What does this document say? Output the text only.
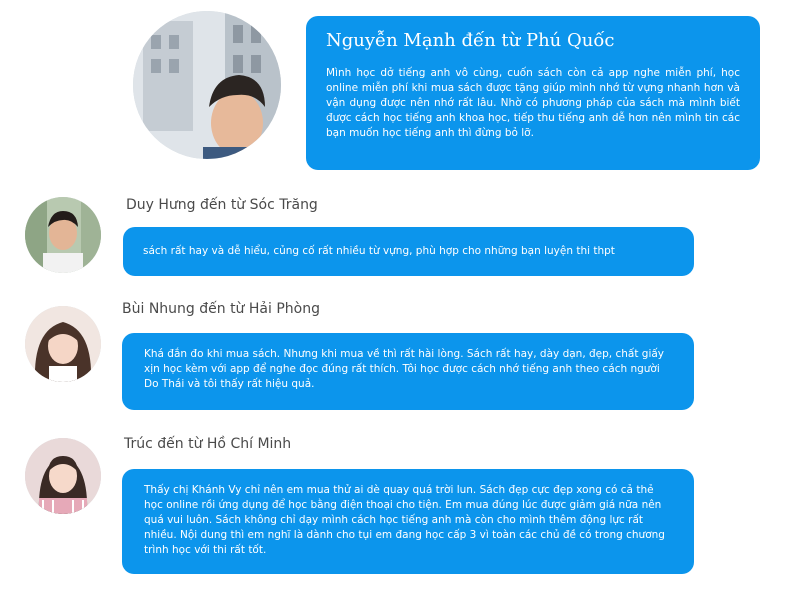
Nguyễn Mạnh đến từ Phú Quốc

Mình học dở tiếng anh vô cùng, cuốn sách còn cả app nghe miễn phí, học online miễn phí khi mua sách được tặng giúp mình nhớ từ vựng nhanh hơn và vận dụng được nên nhớ rất lâu. Nhờ có phương pháp của sách mà mình biết được cách học tiếng anh khoa học, tiếp thu tiếng anh dễ hơn nên mình tin các bạn muốn học tiếng anh thì đừng bỏ lỡ.

Duy Hưng đến từ Sóc Trăng

sách rất hay và dễ hiểu, củng cố rất nhiều từ vựng, phù hợp cho những bạn luyện thi thpt

Bùi Nhung đến từ Hải Phòng

Khá đắn đo khi mua sách. Nhưng khi mua về thì rất hài lòng. Sách rất hay, dày dạn, đẹp, chất giấy xịn học kèm với app để nghe đọc đúng rất thích. Tôi học được cách nhớ tiếng anh theo cách người Do Thái và tôi thấy rất hiệu quả.

Trúc đến từ Hồ Chí Minh

Thấy chị Khánh Vy chỉ nên em mua thử ai dè quay quá trời lun. Sách đẹp cực đẹp xong có cả thẻ học online rồi ứng dụng để học bằng điện thoại cho tiện. Em mua đúng lúc được giảm giá nữa nên quá vui luôn. Sách không chỉ dạy mình cách học tiếng anh mà còn cho mình thêm động lực rất nhiều. Nội dung thì em nghĩ là dành cho tụi em đang học cấp 3 vì toàn các chủ đề có trong chương trình học với thi rất tốt.
